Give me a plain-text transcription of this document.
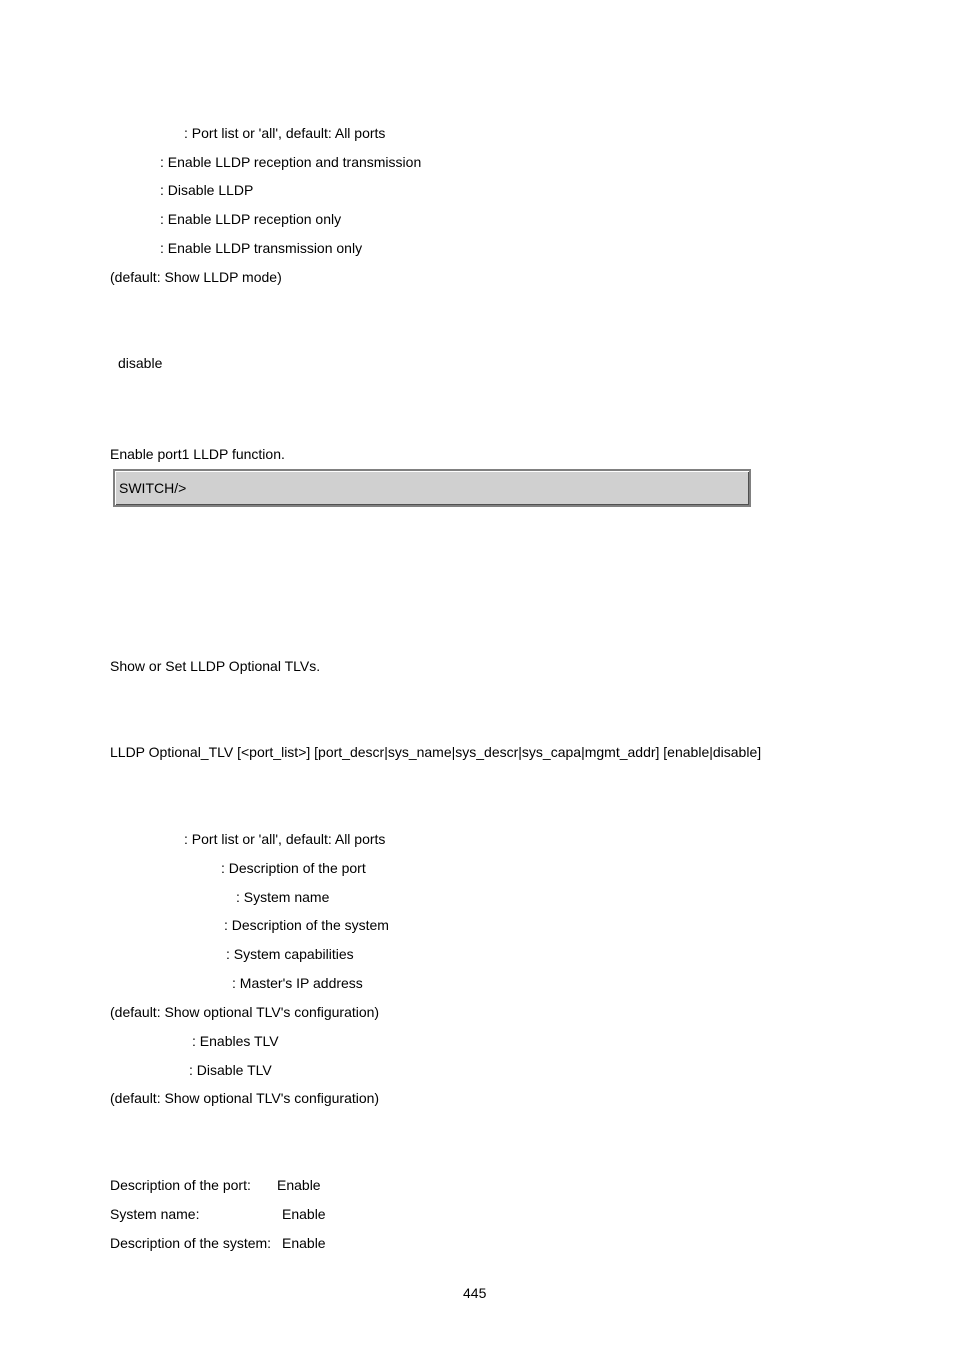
: Port list or 'all', default: All ports
: Enable LLDP reception and transmission
: Disable LLDP
: Enable LLDP reception only
: Enable LLDP transmission only
(default: Show LLDP mode)
disable
Enable port1 LLDP function.
SWITCH/>
Show or Set LLDP Optional TLVs.
LLDP Optional_TLV [<port_list>] [port_descr|sys_name|sys_descr|sys_capa|mgmt_addr] [enable|disable]
: Port list or 'all', default: All ports
: Description of the port
: System name
: Description of the system
: System capabilities
: Master's IP address
(default: Show optional TLV's configuration)
: Enables TLV
: Disable TLV
(default: Show optional TLV's configuration)
Description of the port: Enable
System name:	Enable
Description of the system: Enable
445
